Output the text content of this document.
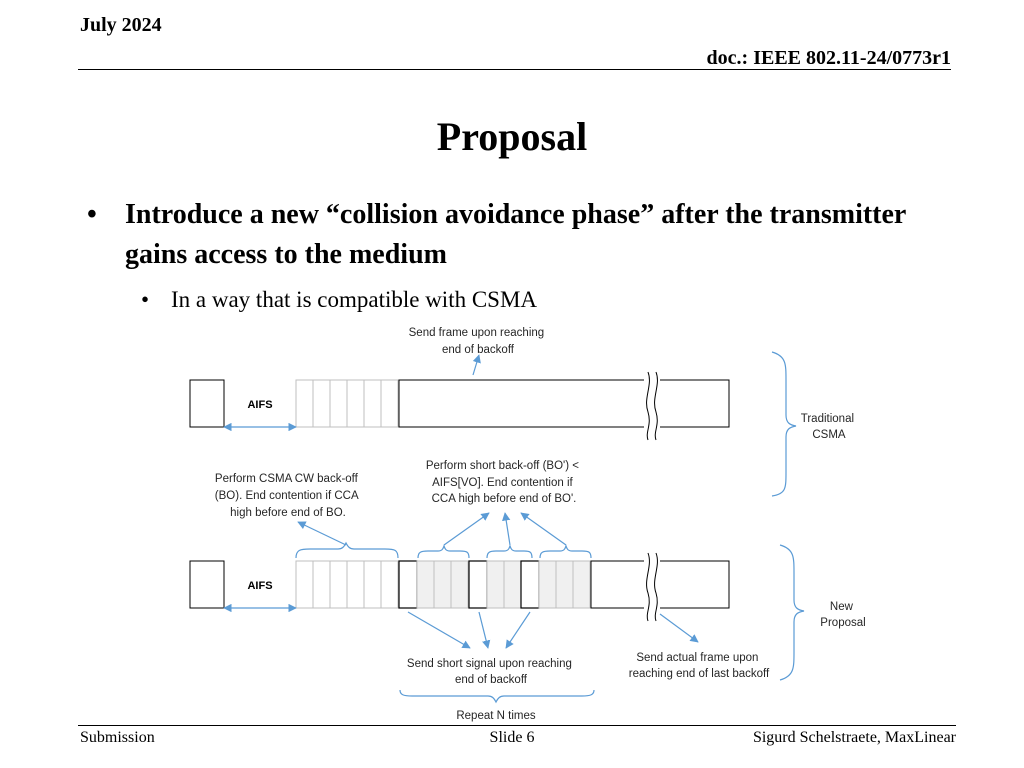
July 2024
doc.: IEEE 802.11-24/0773r1
Proposal
• Introduce a new “collision avoidance phase” after the transmitter gains access to the medium
• In a way that is compatible with CSMA
AIFS
Send frame upon reaching end of backoff
Traditional CSMA
Perform CSMA CW back-off (BO). End contention if CCA high before end of BO.
Perform short back-off (BO') < AIFS[VO]. End contention if CCA high before end of BO'.
AIFS
New Proposal
Send short signal upon reaching end of backoff
Send actual frame upon reaching end of last backoff
Repeat N times
Submission	Slide 6	Sigurd Schelstraete, MaxLinear
